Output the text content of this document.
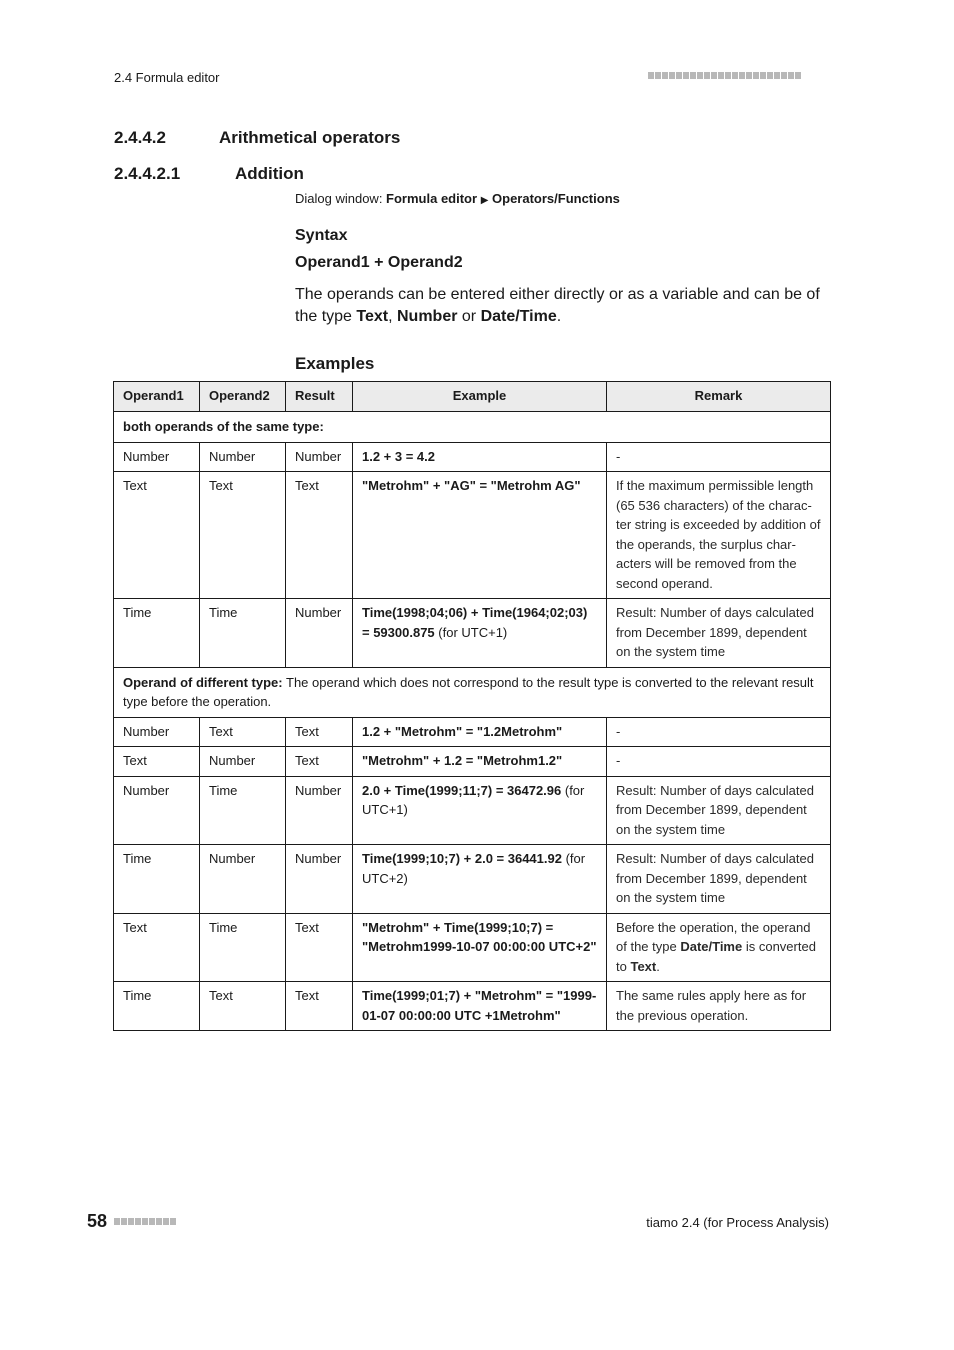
2.4 Formula editor
2.4.4.2	Arithmetical operators
2.4.4.2.1	Addition
Dialog window: Formula editor ▶ Operators/Functions
Syntax
Operand1 + Operand2
The operands can be entered either directly or as a variable and can be of the type Text, Number or Date/Time.
Examples
Operand1	Operand2	Result	Example	Remark
both operands of the same type:				
Number	Number	Number	1.2 + 3 = 4.2	-
Text	Text	Text	"Metrohm" + "AG" = "Metrohm AG"	If the maximum permissible length (65 536 characters) of the character string is exceeded by addition of the operands, the surplus characters will be removed from the second operand.
Time	Time	Number	Time(1998;04;06) + Time(1964;02;03) = 59300.875 (for UTC+1)	Result: Number of days calculated from December 1899, dependent on the system time
Operand of different type: The operand which does not correspond to the result type is converted to the relevant result type before the operation.				
Number	Text	Text	1.2 + "Metrohm" = "1.2Metrohm"	-
Text	Number	Text	"Metrohm" + 1.2 = "Metrohm1.2"	-
Number	Time	Number	2.0 + Time(1999;11;7) = 36472.96 (for UTC+1)	Result: Number of days calculated from December 1899, dependent on the system time
Time	Number	Number	Time(1999;10;7) + 2.0 = 36441.92 (for UTC+2)	Result: Number of days calculated from December 1899, dependent on the system time
Text	Time	Text	"Metrohm" + Time(1999;10;7) = "Metrohm1999-10-07 00:00:00 UTC+2"	Before the operation, the operand of the type Date/Time is converted to Text.
Time	Text	Text	Time(1999;01;7) + "Metrohm" = "1999-01-07 00:00:00 UTC +1Metrohm"	The same rules apply here as for the previous operation.
58	tiamo 2.4 (for Process Analysis)
